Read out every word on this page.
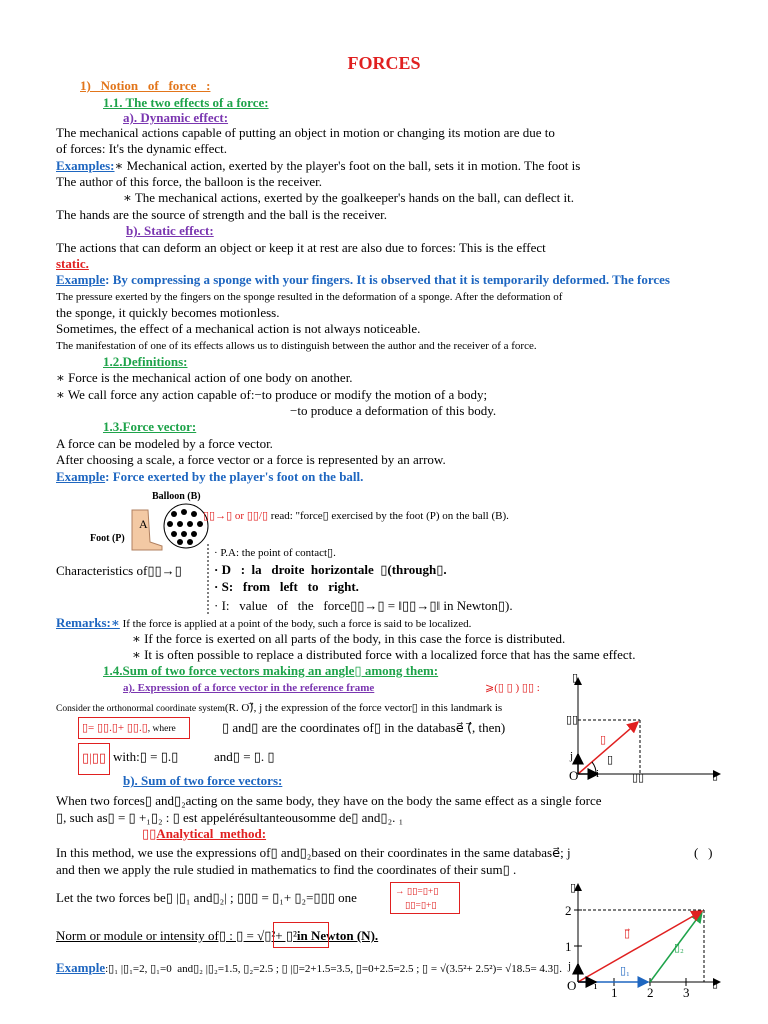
FORCES
1)   Notion   of   force   :
1.1. The two effects of a force:
a). Dynamic effect:
The mechanical actions capable of putting an object in motion or changing its motion are due to
of forces: It's the dynamic effect.
Examples:∗ Mechanical action, exerted by the player's foot on the ball, sets it in motion. The foot is
The author of this force, the balloon is the receiver.
∗ The mechanical actions, exerted by the goalkeeper's hands on the ball, can deflect it.
The hands are the source of strength and the ball is the receiver.
b). Static effect:
The actions that can deform an object or keep it at rest are also due to forces: This is the effect
static.
Example: By compressing a sponge with your fingers. It is observed that it is temporarily deformed. The forces
The pressure exerted by the fingers on the sponge resulted in the deformation of a sponge. After the deformation of
the sponge, it quickly becomes motionless.
Sometimes, the effect of a mechanical action is not always noticeable.
The manifestation of one of its effects allows us to distinguish between the author and the receiver of a force.
1.2.Definitions:
∗ Force is the mechanical action of one body on another.
∗ We call force any action capable of:−to produce or modify the motion of a body;
−to produce a deformation of this body.
1.3.Force vector:
A force can be modeled by a force vector.
After choosing a scale, a force vector or a force is represented by an arrow.
Example: Force exerted by the player's foot on the ball.
Balloon (B)
Foot (P)
A
▯▯→▯ or ▯▯/▯ read: "force▯ exercised by the foot (P) on the ball (B).
Characteristics of▯▯→▯
· P.A: the point of contact▯.
· D   :  la   droite  horizontale  ▯(through▯.
· S:   from   left   to   right.
· I:   value   of   the   force▯▯→▯ = ‖▯▯→▯‖ in Newton▯).
Remarks:∗ If the force is applied at a point of the body, such a force is said to be localized.
∗ If the force is exerted on all parts of the body, in this case the force is distributed.
∗ It is often possible to replace a distributed force with a localized force that has the same effect.
1.4.Sum of two force vectors making an angle▯ among them:
a). Expression of a force vector in the reference frame	⩾(▯ ▯ ) ▯▯ :
Consider the orthonormal coordinate system(R. O)⃗, j the expression of the force vector▯ in this landmark is
▯= ▯▯.▯+ ▯▯.▯, where	▯ and▯ are the coordinates of▯ in the database⃗ (⃗, then)
▯|▯▯ with:▯ = ▯.▯           and▯ = ▯. ▯
▯
▯
O i
j
▯▯
▯▯
▯
▯
b). Sum of two force vectors:
When two forces▯ and▯₂acting on the same body, they have on the body the same effect as a single force
▯, such as▯ = ▯ +₁▯₂ : ▯ est appelérésultanteousomme de▯ and▯₂. ₁
▯▯Analytical  method:
In this method, we use the expressions of▯ and▯₂based on their coordinates in the same database⃗; j	(   )
and then we apply the rule studied in mathematics to find the coordinates of their sum▯ .
Let the two forces be▯ |▯₁ and▯₂| ; ▯▯▯ = ▯₁+ ▯₂=▯▯▯ one	→ ▯▯=▯+▯
▯▯=▯+▯
Norm or module or intensity of▯ : ▯ = √▯²+ ▯²in Newton (N).
Example:▯₁ |▯₁=2, ▯₁=0  and▯₂ |▯₂=1.5, ▯₂=2.5 ; ▯ |▯=2+1.5=3.5, ▯=0+2.5=2.5 ; ▯ = √(3.5²+ 2.5²)= √18.5= 4.3▯.
▯
▯
O i
j
1
2
1 2 3
▯⃗
▯₁
▯₂
